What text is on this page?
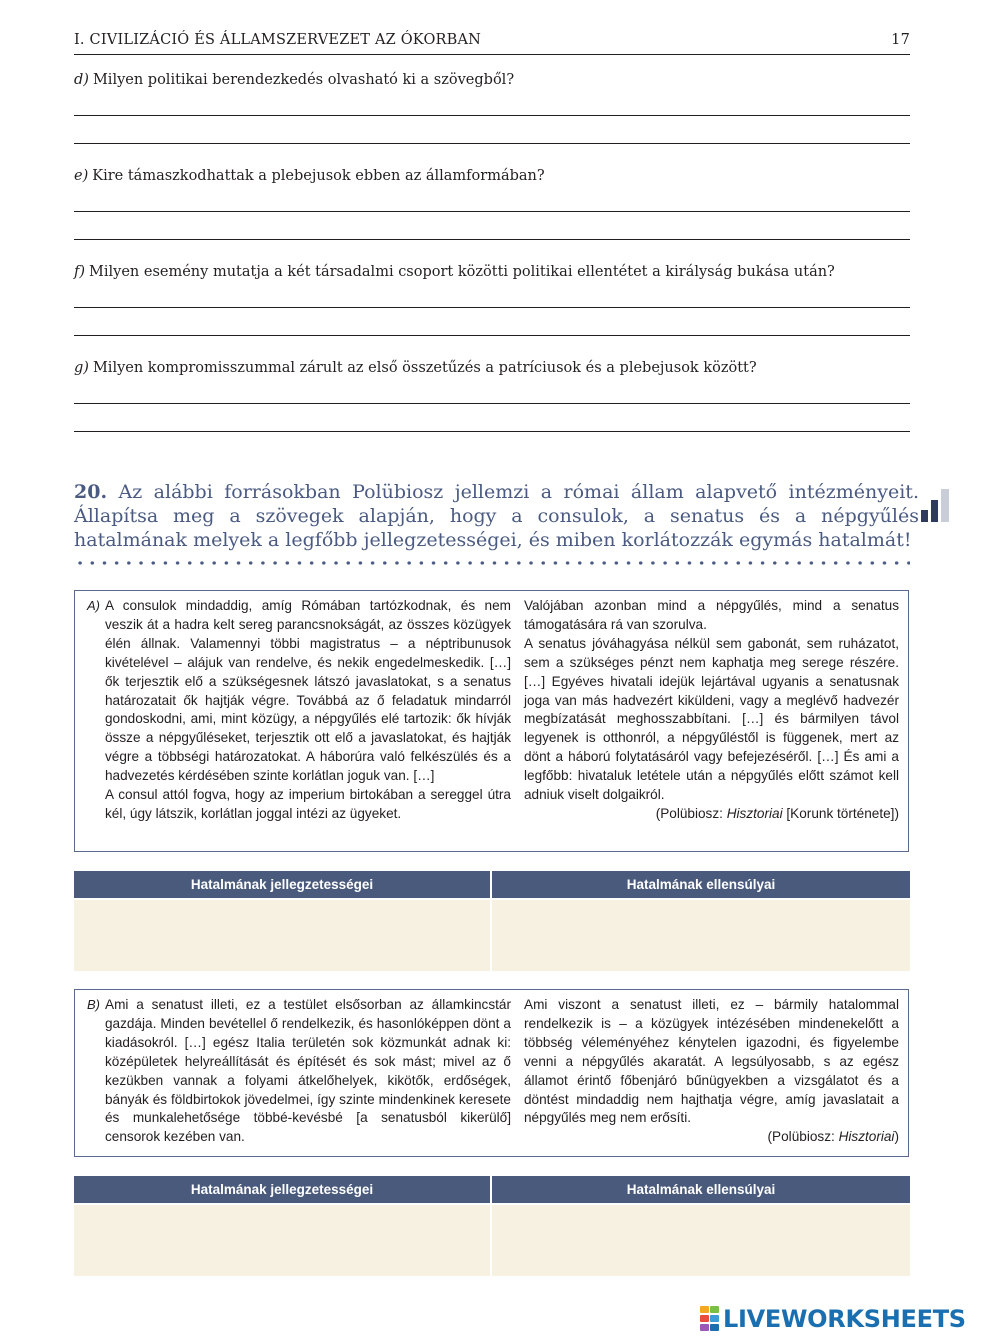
I. CIVILIZÁCIÓ ÉS ÁLLAMSZERVEZET AZ ÓKORBAN	17
d) Milyen politikai berendezkedés olvasható ki a szövegből?
e) Kire támaszkodhattak a plebejusok ebben az államformában?
f) Milyen esemény mutatja a két társadalmi csoport közötti politikai ellentétet a királyság bukása után?
g) Milyen kompromisszummal zárult az első összetűzés a patríciusok és a plebejusok között?
20. Az alábbi forrásokban Polübiosz jellemzi a római állam alapvető intézményeit. Állapítsa meg a szövegek alapján, hogy a consulok, a senatus és a népgyűlés hatalmának melyek a legfőbb jellegzetességei, és miben korlátozzák egymás hatalmát!
A) A consulok mindaddig, amíg Rómában tartózkodnak, és nem veszik át a hadra kelt sereg parancsnokságát, az összes közügyek élén állnak. Valamennyi többi magistratus – a néptribunusok kivételével – alájuk van rendelve, és nekik engedelmeskedik. […] ők terjesztik elő a szükségesnek látszó javaslatokat, s a senatus határozatait ők hajtják végre. Továbbá az ő feladatuk mindarról gondoskodni, ami, mint közügy, a népgyűlés elé tartozik: ők hívják össze a népgyűléseket, terjesztik ott elő a javaslatokat, és hajtják végre a többségi határozatokat. A háborúra való felkészülés és a hadvezetés kérdésében szinte korlátlan joguk van. […]

A consul attól fogva, hogy az imperium birtokában a sereggel útra kél, úgy látszik, korlátlan joggal intézi az ügyeket.

Valójában azonban mind a népgyűlés, mind a senatus támogatására rá van szorulva.

A senatus jóváhagyása nélkül sem gabonát, sem ruházatot, sem a szükséges pénzt nem kaphatja meg serege részére. […] Egyéves hivatali idejük lejártával ugyanis a senatusnak joga van más hadvezért kiküldeni, vagy a meglévő hadvezér megbízatását meghosszabbítani. […] és bármilyen távol legyenek is otthonról, a népgyűléstől is függenek, mert az dönt a háború folytatásáról vagy befejezéséről. […] És ami a legfőbb: hivataluk letétele után a népgyűlés előtt számot kell adniuk viselt dolgaikról.

(Polübiosz: Hisztoriai [Korunk története])

Hatalmának jellegzetességei	Hatalmának ellensúlyai
B) Ami a senatust illeti, ez a testület elsősorban az államkincstár gazdája. Minden bevétellel ő rendelkezik, és hasonlóképpen dönt a kiadásokról. […] egész Italia területén sok közmunkát adnak ki: középületek helyreállítását és építését és sok mást; mivel az ő kezükben vannak a folyami átkelőhelyek, kikötők, erdőségek, bányák és földbirtokok jövedelmei, így szinte mindenkinek keresete és munkalehetősége többé-kevésbé [a senatusból kikerülő] censorok kezében van.

Ami viszont a senatust illeti, ez – bármily hatalommal rendelkezik is – a közügyek intézésében mindenekelőtt a többség véleményéhez kénytelen igazodni, és figyelembe venni a népgyűlés akaratát. A legsúlyosabb, s az egész államot érintő főbenjáró bűnügyekben a vizsgálatot és a döntést mindaddig nem hajthatja végre, amíg javaslatait a népgyűlés meg nem erősíti.

(Polübiosz: Hisztoriai)

Hatalmának jellegzetességei	Hatalmának ellensúlyai
LIVEWORKSHEETS
